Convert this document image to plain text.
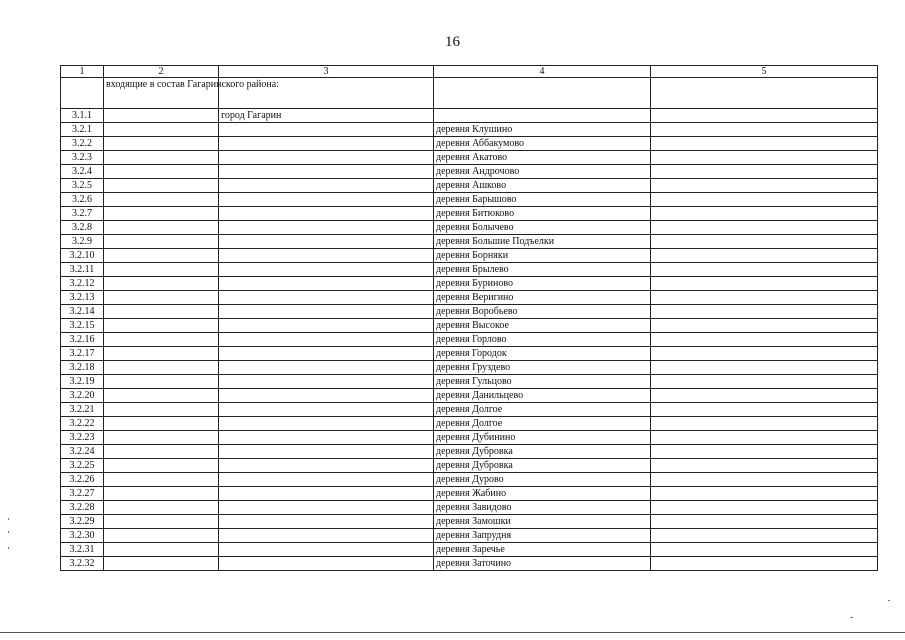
16
1	2	3	4	5
	входящие в состав Гагаринского района:			
3.1.1		город Гагарин		
3.2.1			деревня Клушино	
3.2.2			деревня Аббакумово	
3.2.3			деревня Акатово	
3.2.4			деревня Андрочово	
3.2.5			деревня Ашково	
3.2.6			деревня Барышово	
3.2.7			деревня Битюково	
3.2.8			деревня Болычево	
3.2.9			деревня Большие Подъелки	
3.2.10			деревня Борняки	
3.2.11			деревня Брылево	
3.2.12			деревня Буриново	
3.2.13			деревня Веригино	
3.2.14			деревня Воробьево	
3.2.15			деревня Высокое	
3.2.16			деревня Горлово	
3.2.17			деревня Городок	
3.2.18			деревня Груздево	
3.2.19			деревня Гульцово	
3.2.20			деревня Данильцево	
3.2.21			деревня Долгое	
3.2.22			деревня Долгое	
3.2.23			деревня Дубинино	
3.2.24			деревня Дубровка	
3.2.25			деревня Дубровка	
3.2.26			деревня Дурово	
3.2.27			деревня Жабино	
3.2.28			деревня Завидово	
3.2.29			деревня Замошки	
3.2.30			деревня Запрудня	
3.2.31			деревня Заречье	
3.2.32			деревня Заточино	
